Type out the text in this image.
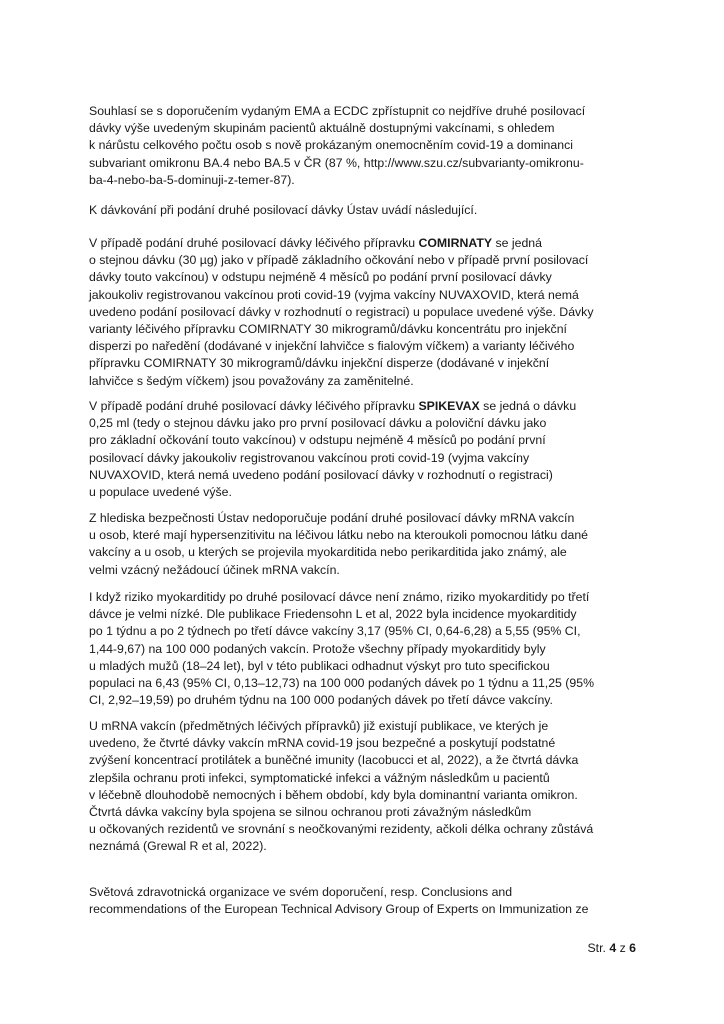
Souhlasí se s doporučením vydaným EMA a ECDC zpřístupnit co nejdříve druhé posilovací
dávky výše uvedeným skupinám pacientů aktuálně dostupnými vakcínami, s ohledem
k nárůstu celkového počtu osob s nově prokázaným onemocněním covid-19 a dominanci
subvariant omikronu BA.4 nebo BA.5 v ČR (87 %, http://www.szu.cz/subvarianty-omikronu-
ba-4-nebo-ba-5-dominuji-z-temer-87).
K dávkování při podání druhé posilovací dávky Ústav uvádí následující.
V případě podání druhé posilovací dávky léčivého přípravku COMIRNATY se jedná
o stejnou dávku (30 µg) jako v případě základního očkování nebo v případě první posilovací
dávky touto vakcínou) v odstupu nejméně 4 měsíců po podání první posilovací dávky
jakoukoliv registrovanou vakcínou proti covid-19 (vyjma vakcíny NUVAXOVID, která nemá
uvedeno podání posilovací dávky v rozhodnutí o registraci) u populace uvedené výše. Dávky
varianty léčivého přípravku COMIRNATY 30 mikrogramů/dávku koncentrátu pro injekční
disperzi po naředění (dodávané v injekční lahvičce s fialovým víčkem) a varianty léčivého
přípravku COMIRNATY 30 mikrogramů/dávku injekční disperze (dodávané v injekční
lahvičce s šedým víčkem) jsou považovány za zaměnitelné.
V případě podání druhé posilovací dávky léčivého přípravku SPIKEVAX se jedná o dávku
0,25 ml (tedy o stejnou dávku jako pro první posilovací dávku a poloviční dávku jako
pro základní očkování touto vakcínou) v odstupu nejméně 4 měsíců po podání první
posilovací dávky jakoukoliv registrovanou vakcínou proti covid-19 (vyjma vakcíny
NUVAXOVID, která nemá uvedeno podání posilovací dávky v rozhodnutí o registraci)
u populace uvedené výše.
Z hlediska bezpečnosti Ústav nedoporučuje podání druhé posilovací dávky mRNA vakcín
u osob, které mají hypersenzitivitu na léčivou látku nebo na kteroukoli pomocnou látku dané
vakcíny a u osob, u kterých se projevila myokarditida nebo perikarditida jako známý, ale
velmi vzácný nežádoucí účinek mRNA vakcín.
I když riziko myokarditidy po druhé posilovací dávce není známo, riziko myokarditidy po třetí
dávce je velmi nízké. Dle publikace Friedensohn L et al, 2022 byla incidence myokarditidy
po 1 týdnu a po 2 týdnech po třetí dávce vakcíny 3,17 (95% CI, 0,64-6,28) a 5,55 (95% CI,
1,44-9,67) na 100 000 podaných vakcín. Protože všechny případy myokarditidy byly
u mladých mužů (18–24 let), byl v této publikaci odhadnut výskyt pro tuto specifickou
populaci na 6,43 (95% CI, 0,13–12,73) na 100 000 podaných dávek po 1 týdnu a 11,25 (95%
CI, 2,92–19,59) po druhém týdnu na 100 000 podaných dávek po třetí dávce vakcíny.
U mRNA vakcín (předmětných léčivých přípravků) již existují publikace, ve kterých je
uvedeno, že čtvrté dávky vakcín mRNA covid-19 jsou bezpečné a poskytují podstatné
zvýšení koncentrací protilátek a buněčné imunity (Iacobucci et al, 2022), a že čtvrtá dávka
zlepšila ochranu proti infekci, symptomatické infekci a vážným následkům u pacientů
v léčebně dlouhodobě nemocných i během období, kdy byla dominantní varianta omikron.
Čtvrtá dávka vakcíny byla spojena se silnou ochranou proti závažným následkům
u očkovaných rezidentů ve srovnání s neočkovanými rezidenty, ačkoli délka ochrany zůstává
neznámá (Grewal R et al, 2022).
Světová zdravotnická organizace ve svém doporučení, resp. Conclusions and
recommendations of the European Technical Advisory Group of Experts on Immunization ze
Str. 4 z 6
